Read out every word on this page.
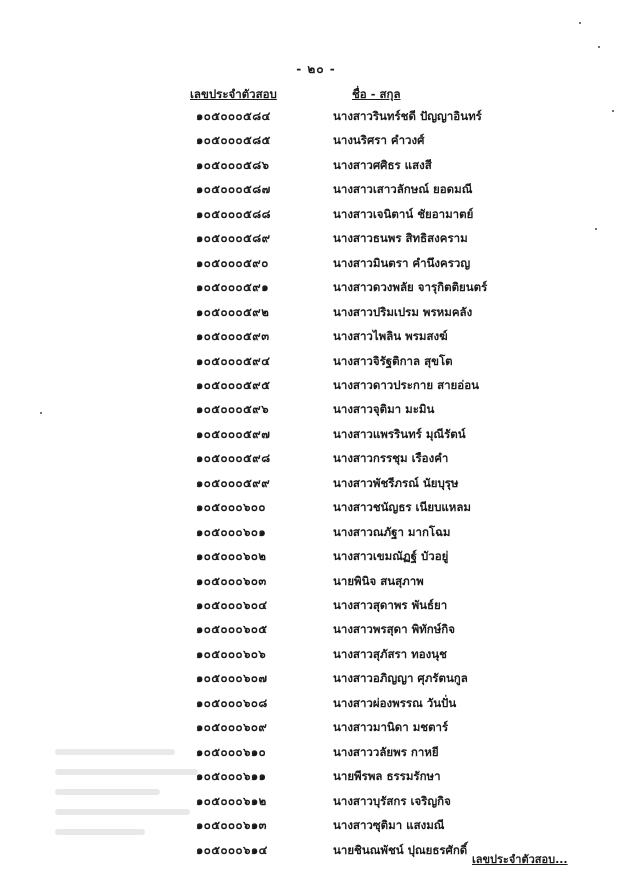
- ๒๐ -
เลขประจำตัวสอบ	ชื่อ - สกุล
๑๐๕๐๐๐๕๘๔	นางสาวรินทร์ชดี ปัญญาอินทร์
๑๐๕๐๐๐๕๘๕	นางนริศรา คำวงศ์
๑๐๕๐๐๐๕๘๖	นางสาวศศิธร แสงสี
๑๐๕๐๐๐๕๘๗	นางสาวเสาวลักษณ์ ยอดมณี
๑๐๕๐๐๐๕๘๘	นางสาวเจนิตาน์ ชัยอามาตย์
๑๐๕๐๐๐๕๘๙	นางสาวธนพร สิทธิสงคราม
๑๐๕๐๐๐๕๙๐	นางสาวมินตรา คำนึงครวญ
๑๐๕๐๐๐๕๙๑	นางสาวดวงพลัย จารุกิตติยนตร์
๑๐๕๐๐๐๕๙๒	นางสาวปริมเปรม พรหมคลัง
๑๐๕๐๐๐๕๙๓	นางสาวไพลิน พรมสงฆ์
๑๐๕๐๐๐๕๙๔	นางสาวจิรัฐติกาล สุขโต
๑๐๕๐๐๐๕๙๕	นางสาวดาวประกาย สายอ่อน
๑๐๕๐๐๐๕๙๖	นางสาวจุติมา มะมิน
๑๐๕๐๐๐๕๙๗	นางสาวแพรรินทร์ มุณีรัตน์
๑๐๕๐๐๐๕๙๘	นางสาวกรรชุม เรืองคำ
๑๐๕๐๐๐๕๙๙	นางสาวพัชรีภรณ์ นัยบุรุษ
๑๐๕๐๐๐๖๐๐	นางสาวชนัญธร เนียบแหลม
๑๐๕๐๐๐๖๐๑	นางสาวณภัฐา มากโฉม
๑๐๕๐๐๐๖๐๒	นางสาวเขมณัฏฐ์ บัวอยู่
๑๐๕๐๐๐๖๐๓	นายพินิจ สนสุภาพ
๑๐๕๐๐๐๖๐๔	นางสาวสุดาพร พันธ์ยา
๑๐๕๐๐๐๖๐๕	นางสาวพรสุดา พิทักษ์กิจ
๑๐๕๐๐๐๖๐๖	นางสาวสุภัสรา ทองนุช
๑๐๕๐๐๐๖๐๗	นางสาวอภิญญา ศุภรัตนกูล
๑๐๕๐๐๐๖๐๘	นางสาวผ่องพรรณ วันปั่น
๑๐๕๐๐๐๖๐๙	นางสาวมานิดา มชตาร์
๑๐๕๐๐๐๖๑๐	นางสาววลัยพร กาหยี
๑๐๕๐๐๐๖๑๑	นายพีรพล ธรรมรักษา
๑๐๕๐๐๐๖๑๒	นางสาวบุรัสกร เจริญกิจ
๑๐๕๐๐๐๖๑๓	นางสาวซุติมา แสงมณี
๑๐๕๐๐๐๖๑๔	นายชินณพัชน์ ปุณยธรศักดิ์
เลขประจำตัวสอบ...
